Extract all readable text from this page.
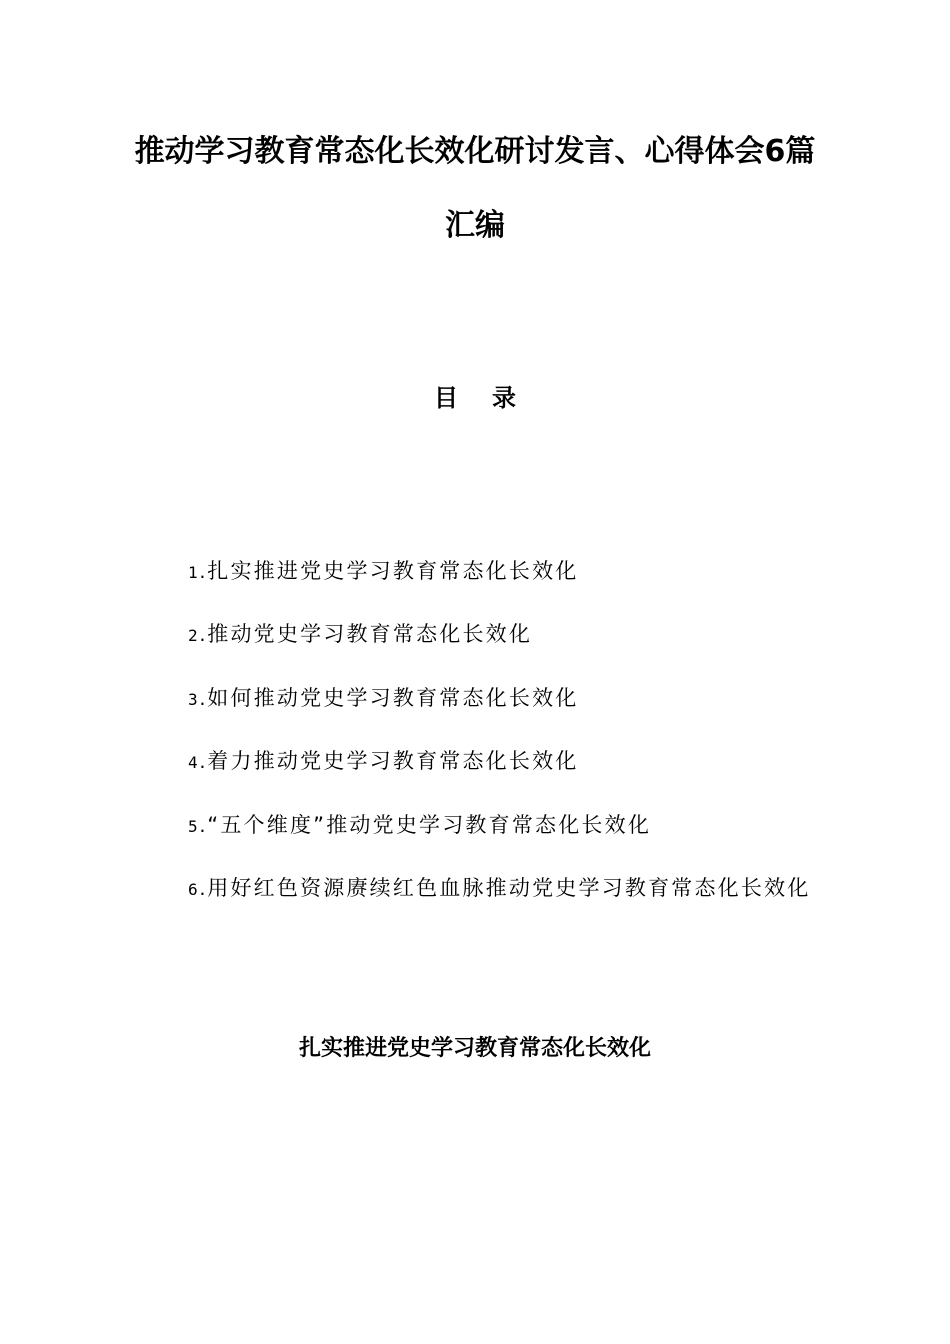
推动学习教育常态化长效化研讨发言、心得体会6篇
汇编
目录
1. 扎实推进党史学习教育常态化长效化
2. 推动党史学习教育常态化长效化
3. 如何推动党史学习教育常态化长效化
4. 着力推动党史学习教育常态化长效化
5. “五个维度”推动党史学习教育常态化长效化
6. 用好红色资源赓续红色血脉推动党史学习教育常态化长效化
扎实推进党史学习教育常态化长效化
